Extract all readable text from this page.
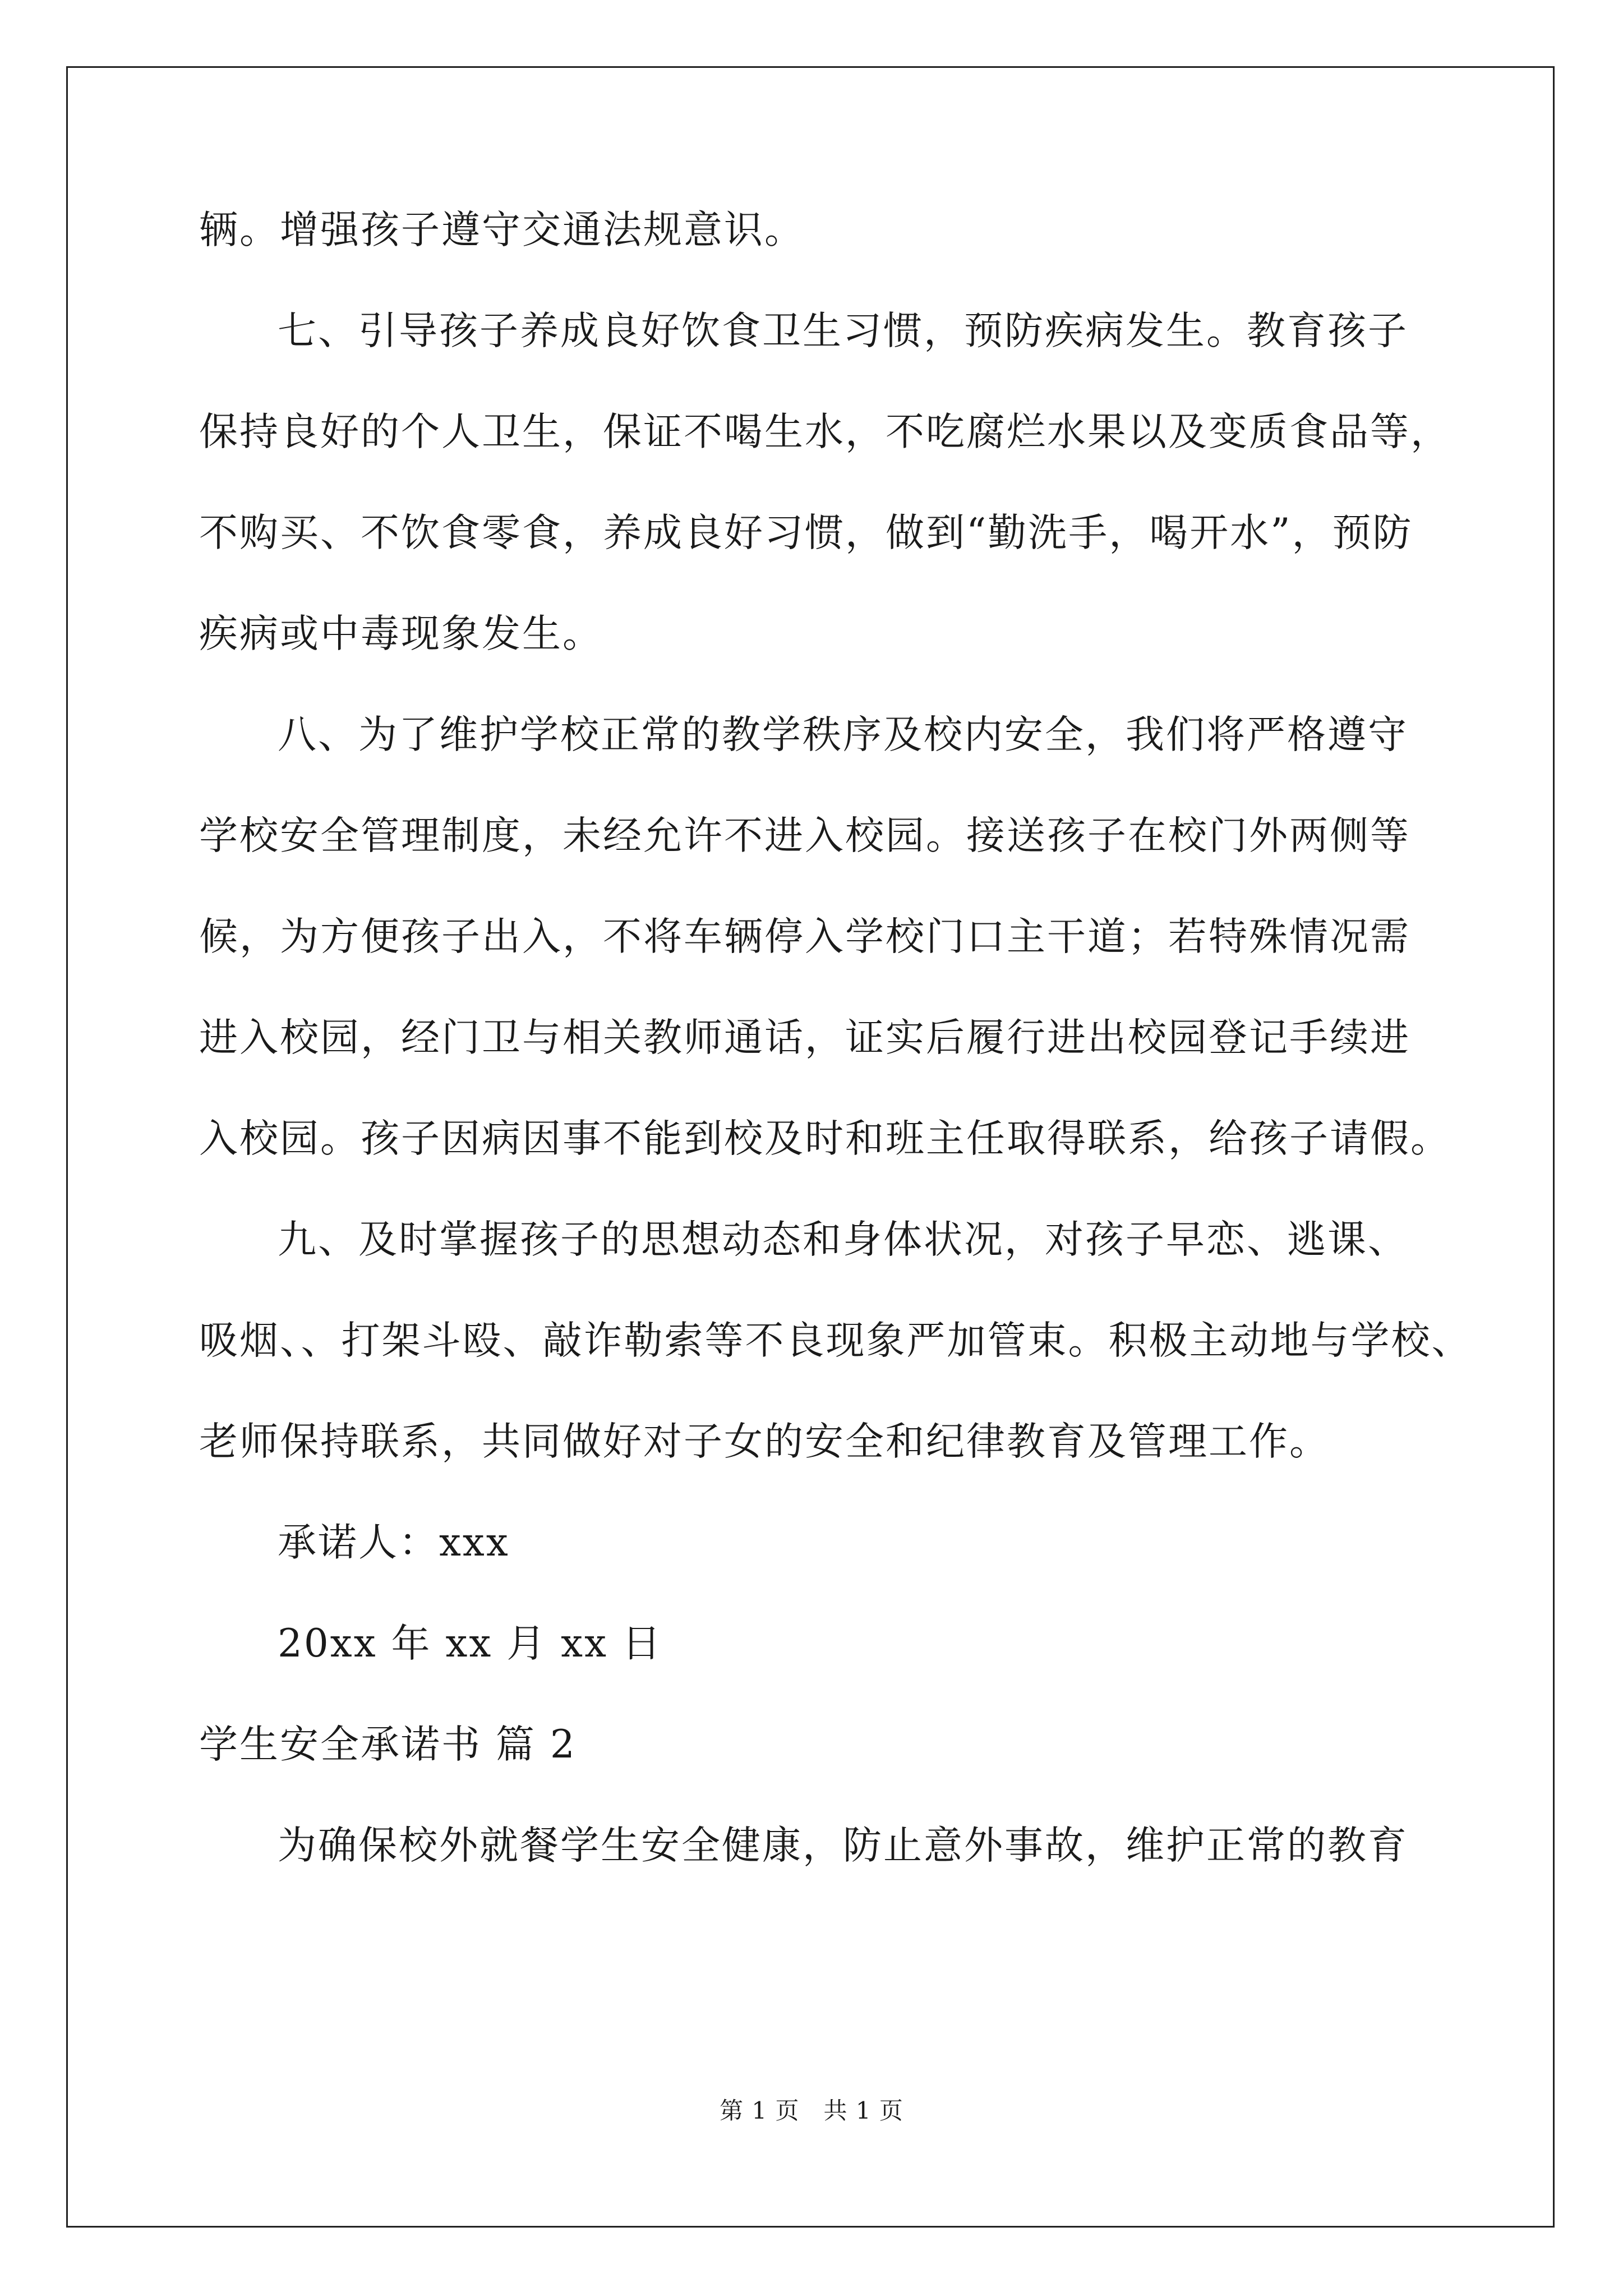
辆。增强孩子遵守交通法规意识。
七、引导孩子养成良好饮食卫生习惯，预防疾病发生。教育孩子
保持良好的个人卫生，保证不喝生水，不吃腐烂水果以及变质食品等，
不购买、不饮食零食，养成良好习惯，做到“勤洗手，喝开水”，预防
疾病或中毒现象发生。
八、为了维护学校正常的教学秩序及校内安全，我们将严格遵守
学校安全管理制度，未经允许不进入校园。接送孩子在校门外两侧等
候，为方便孩子出入，不将车辆停入学校门口主干道；若特殊情况需
进入校园，经门卫与相关教师通话，证实后履行进出校园登记手续进
入校园。孩子因病因事不能到校及时和班主任取得联系，给孩子请假。
九、及时掌握孩子的思想动态和身体状况，对孩子早恋、逃课、
吸烟、、打架斗殴、敲诈勒索等不良现象严加管束。积极主动地与学校、
老师保持联系，共同做好对子女的安全和纪律教育及管理工作。
承诺人：xxx
20xx 年 xx 月 xx 日
学生安全承诺书 篇 2
为确保校外就餐学生安全健康，防止意外事故，维护正常的教育
第 1 页　共 1 页
